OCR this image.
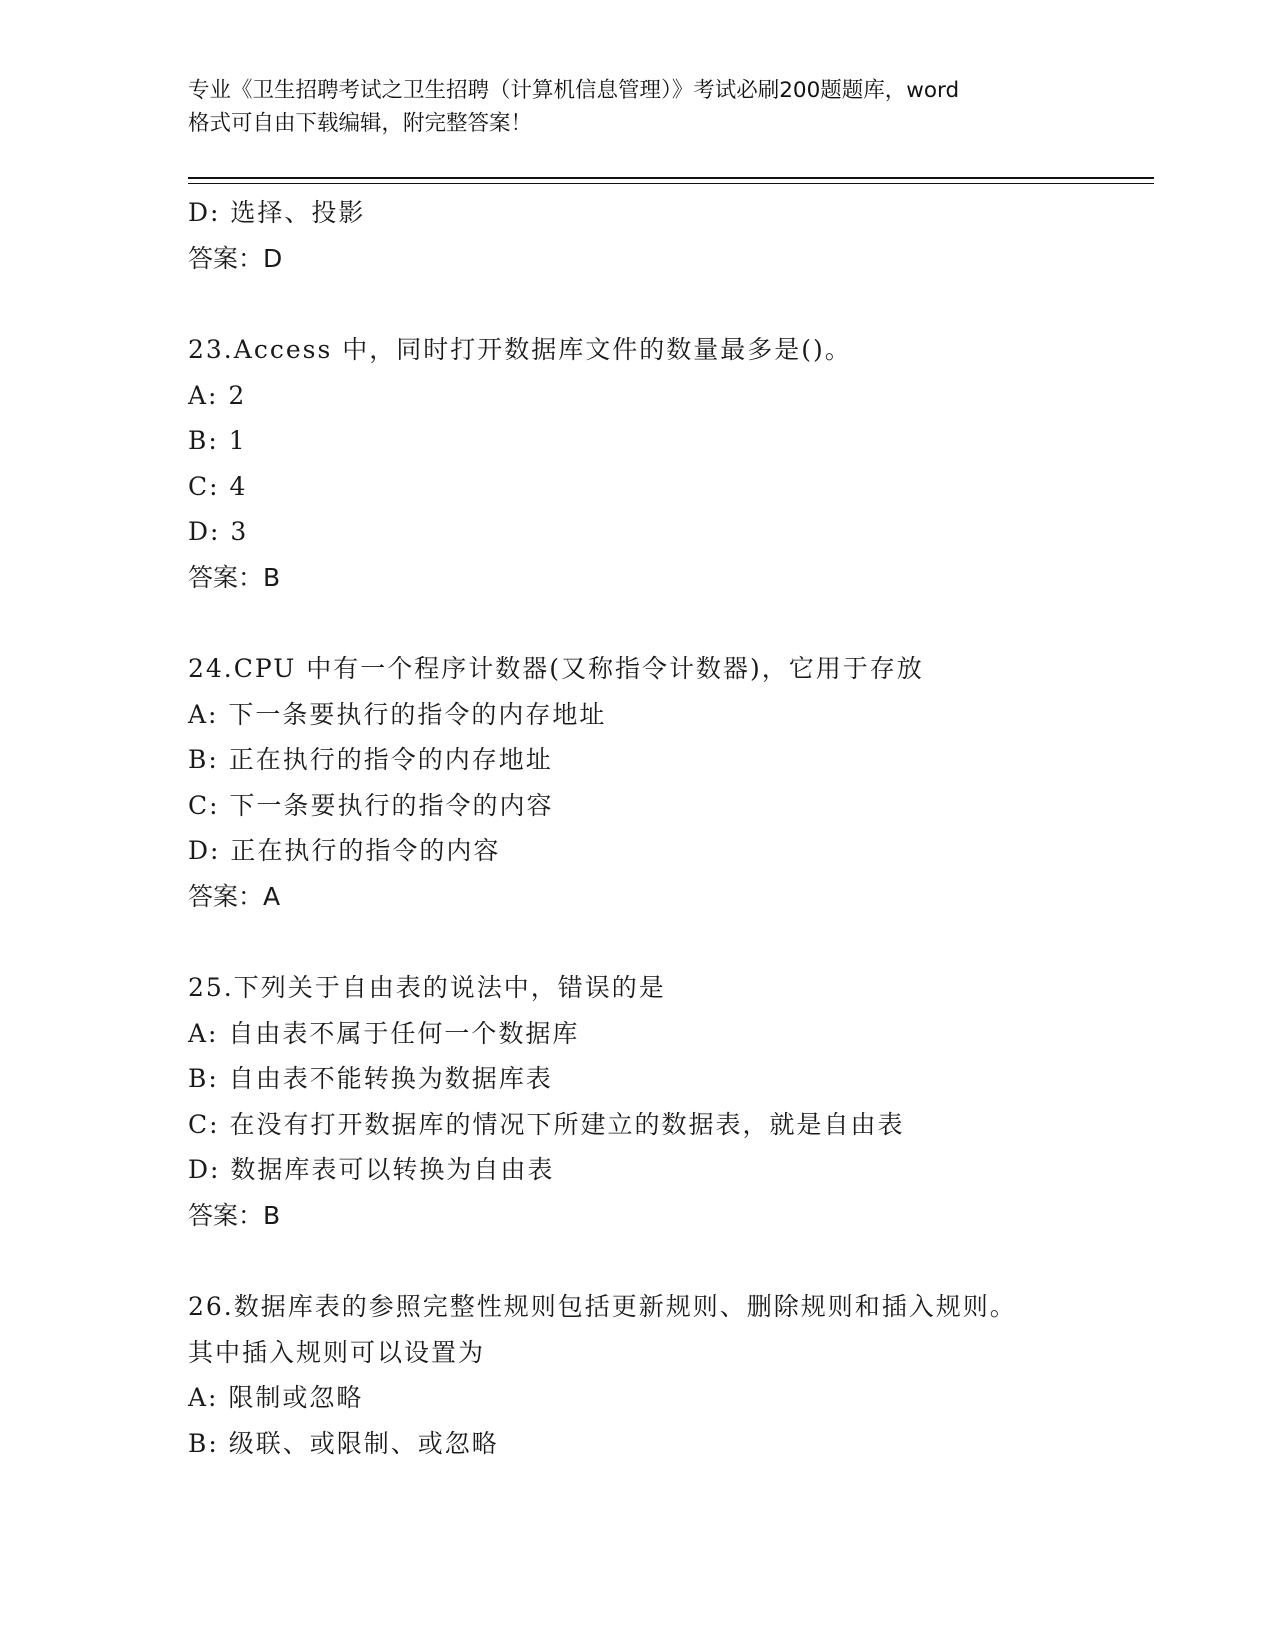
专业《卫生招聘考试之卫生招聘（计算机信息管理）》考试必刷200题题库，word
格式可自由下载编辑，附完整答案！
D: 选择、投影
答案：D
23.Access 中，同时打开数据库文件的数量最多是()。
A: 2
B: 1
C: 4
D: 3
答案：B
24.CPU 中有一个程序计数器(又称指令计数器)，它用于存放
A: 下一条要执行的指令的内存地址
B: 正在执行的指令的内存地址
C: 下一条要执行的指令的内容
D: 正在执行的指令的内容
答案：A
25.下列关于自由表的说法中，错误的是
A: 自由表不属于任何一个数据库
B: 自由表不能转换为数据库表
C: 在没有打开数据库的情况下所建立的数据表，就是自由表
D: 数据库表可以转换为自由表
答案：B
26.数据库表的参照完整性规则包括更新规则、删除规则和插入规则。
其中插入规则可以设置为
A: 限制或忽略
B: 级联、或限制、或忽略
